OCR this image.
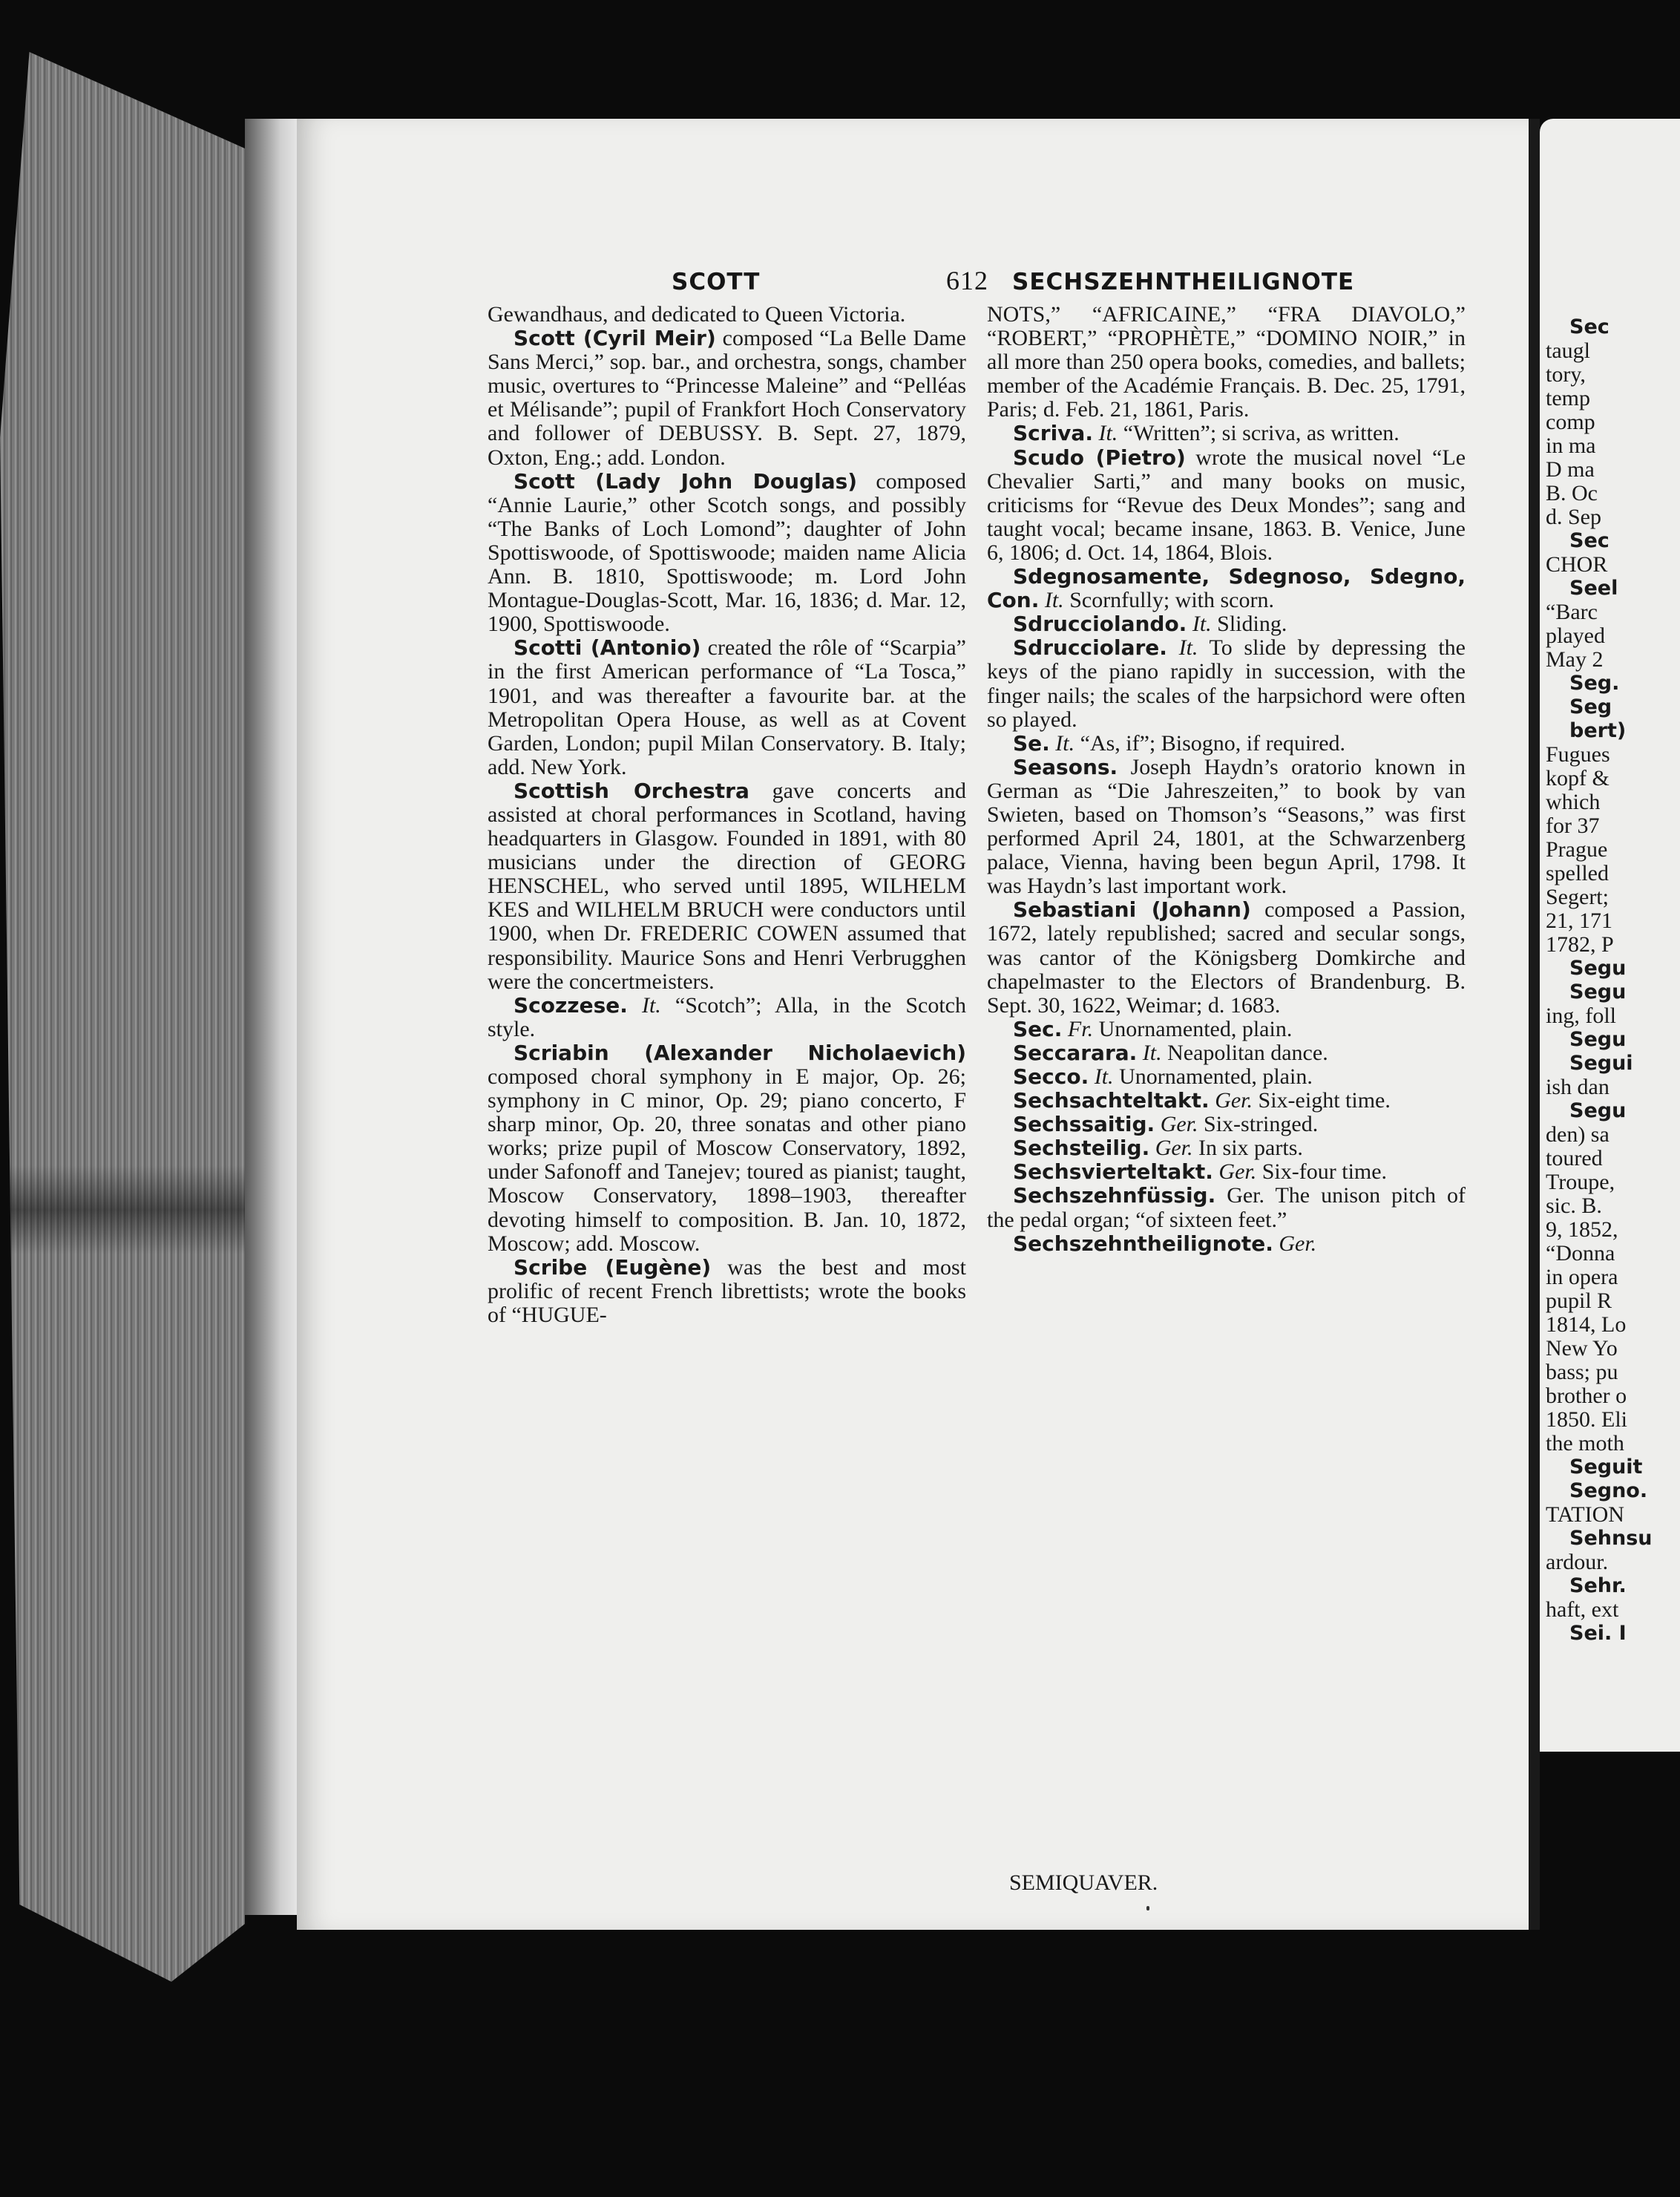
Sec
taugl
tory,
temp
comp
in ma
D ma
B. Oc
d. Sep
Sec
CHOR
Seel
“Barc
played
May 2
Seg.
Seg
bert)
Fugues
kopf &
which
for 37
Prague
spelled
Segert;
21, 171
1782, P
Segu
Segu
ing, foll
Segu
Segui
ish dan
Segu
den) sa
toured
Troupe,
sic. B.
9, 1852,
“Donna
in opera
pupil R
1814, Lo
New Yo
bass; pu
brother o
1850. Eli
the moth
Seguit
Segno.
TATION
Sehnsu
ardour.
Sehr.
haft, ext
Sei. I
SCOTT	612 SECHSZEHNTHEILIGNOTE

Gewandhaus, and dedicated to Queen Victoria.

Scott (Cyril Meir) composed “La Belle Dame Sans Merci,” sop. bar., and orchestra, songs, chamber music, overtures to “Princesse Maleine” and “Pelléas et Mélisande”; pupil of Frankfort Hoch Conservatory and follower of DEBUSSY. B. Sept. 27, 1879, Oxton, Eng.; add. London.

Scott (Lady John Douglas) composed “Annie Laurie,” other Scotch songs, and possibly “The Banks of Loch Lomond”; daughter of John Spottiswoode, of Spottiswoode; maiden name Alicia Ann. B. 1810, Spottiswoode; m. Lord John Montague-Douglas-Scott, Mar. 16, 1836; d. Mar. 12, 1900, Spottiswoode.

Scotti (Antonio) created the rôle of “Scarpia” in the first American performance of “La Tosca,” 1901, and was thereafter a favourite bar. at the Metropolitan Opera House, as well as at Covent Garden, London; pupil Milan Conservatory. B. Italy; add. New York.

Scottish Orchestra gave concerts and assisted at choral performances in Scotland, having headquarters in Glasgow. Founded in 1891, with 80 musicians under the direction of GEORG HENSCHEL, who served until 1895, WILHELM KES and WILHELM BRUCH were conductors until 1900, when Dr. FREDERIC COWEN assumed that responsibility. Maurice Sons and Henri Verbrugghen were the concertmeisters.

Scozzese. It. “Scotch”; Alla, in the Scotch style.

Scriabin (Alexander Nicholaevich) composed choral symphony in E major, Op. 26; symphony in C minor, Op. 29; piano concerto, F sharp minor, Op. 20, three sonatas and other piano works; prize pupil of Moscow Conservatory, 1892, under Safonoff and Tanejev; toured as pianist; taught, Moscow Conservatory, 1898–1903, thereafter devoting himself to composition. B. Jan. 10, 1872, Moscow; add. Moscow.

Scribe (Eugène) was the best and most prolific of recent French librettists; wrote the books of “HUGUE-

NOTS,” “AFRICAINE,” “FRA DIAVOLO,” “ROBERT,” “PROPHÈTE,” “DOMINO NOIR,” in all more than 250 opera books, comedies, and ballets; member of the Académie Français. B. Dec. 25, 1791, Paris; d. Feb. 21, 1861, Paris.

Scriva. It. “Written”; si scriva, as written.

Scudo (Pietro) wrote the musical novel “Le Chevalier Sarti,” and many books on music, criticisms for “Revue des Deux Mondes”; sang and taught vocal; became insane, 1863. B. Venice, June 6, 1806; d. Oct. 14, 1864, Blois.

Sdegnosamente, Sdegnoso, Sdegno, Con. It. Scornfully; with scorn.

Sdrucciolando. It. Sliding.

Sdrucciolare. It. To slide by depressing the keys of the piano rapidly in succession, with the finger nails; the scales of the harpsichord were often so played.

Se. It. “As, if”; Bisogno, if required.

Seasons. Joseph Haydn’s oratorio known in German as “Die Jahreszeiten,” to book by van Swieten, based on Thomson’s “Seasons,” was first performed April 24, 1801, at the Schwarzenberg palace, Vienna, having been begun April, 1798. It was Haydn’s last important work.

Sebastiani (Johann) composed a Passion, 1672, lately republished; sacred and secular songs, was cantor of the Königsberg Domkirche and chapelmaster to the Electors of Brandenburg. B. Sept. 30, 1622, Weimar; d. 1683.

Sec. Fr. Unornamented, plain.

Seccarara. It. Neapolitan dance.

Secco. It. Unornamented, plain.

Sechsachteltakt. Ger. Six-eight time.

Sechssaitig. Ger. Six-stringed.

Sechsteilig. Ger. In six parts.

Sechsvierteltakt. Ger. Six-four time.

Sechszehnfüssig. Ger. The unison pitch of the pedal organ; “of sixteen feet.”

Sechszehntheilignote. Ger.

SEMIQUAVER.
